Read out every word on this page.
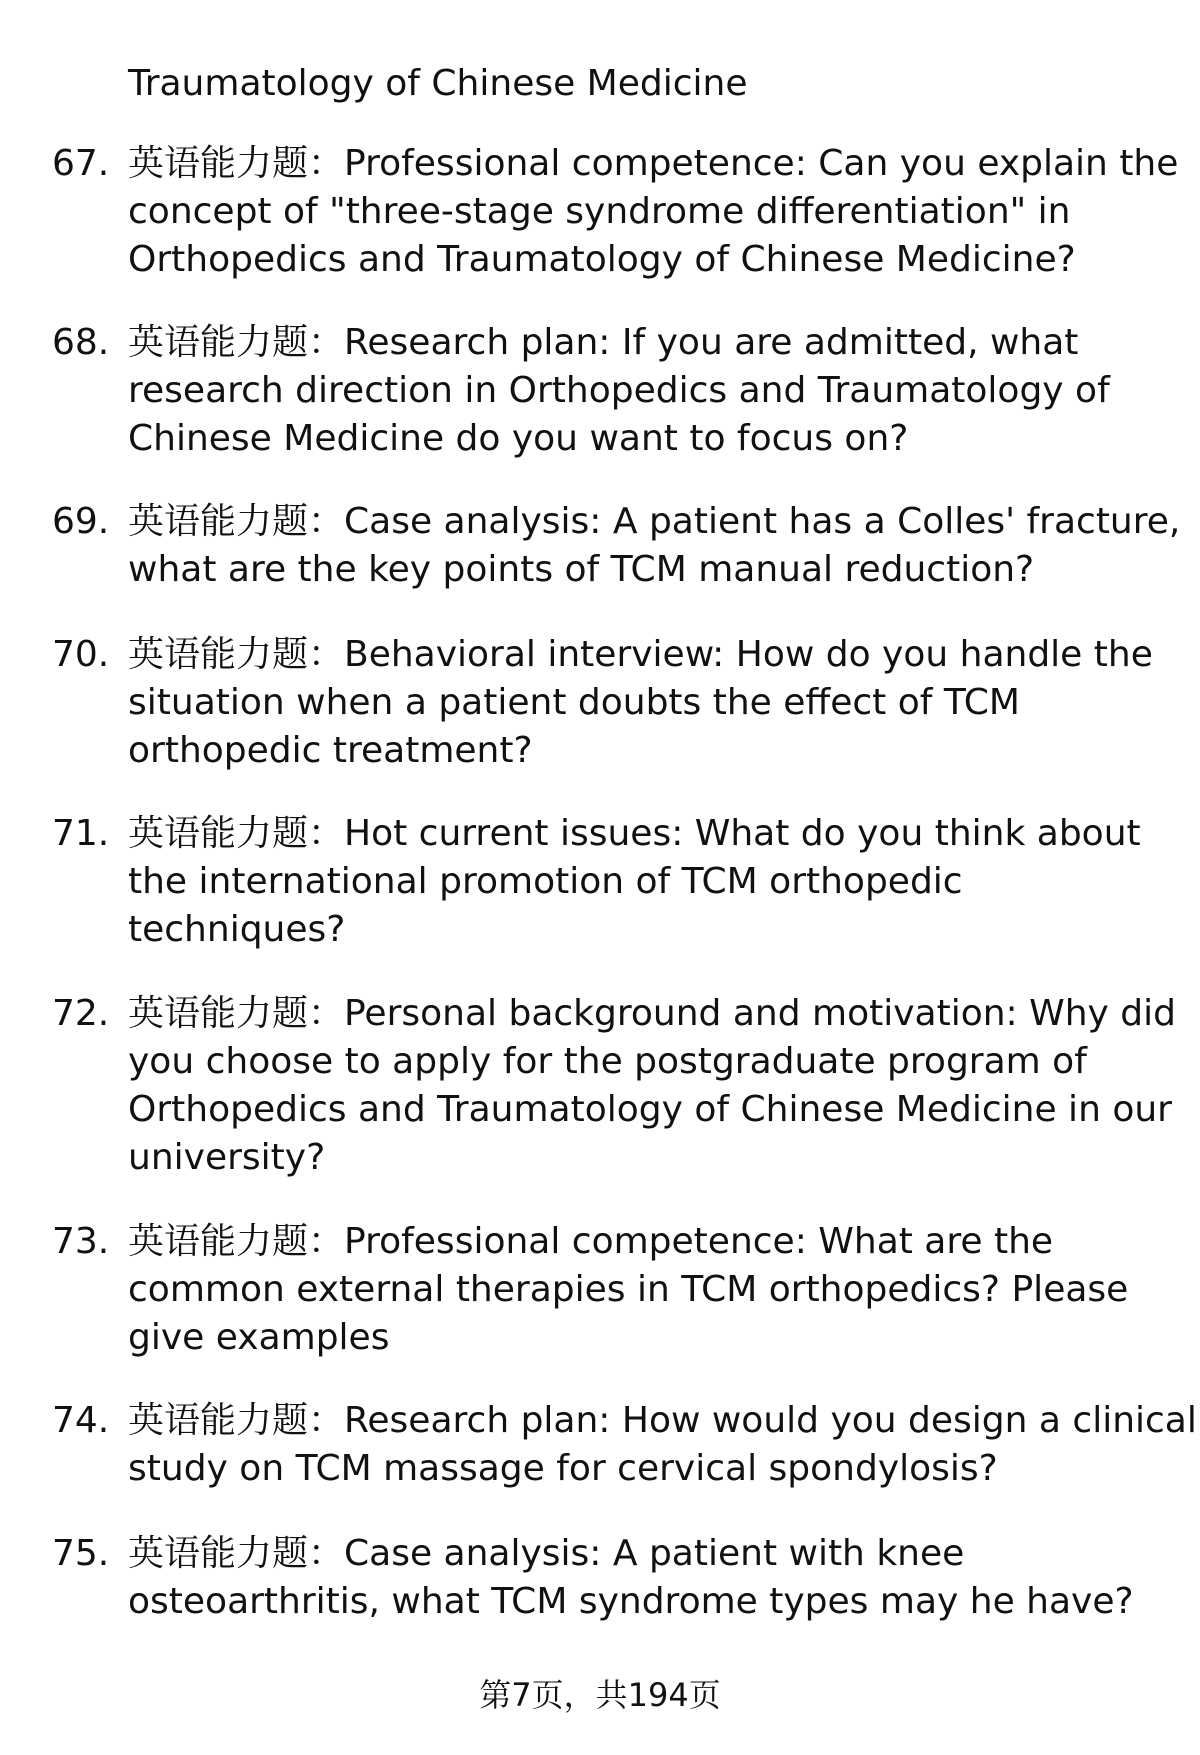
Traumatology of Chinese Medicine
67. 英语能力题：Professional competence: Can you explain the
concept of "three-stage syndrome differentiation" in
Orthopedics and Traumatology of Chinese Medicine?
68. 英语能力题：Research plan: If you are admitted, what
research direction in Orthopedics and Traumatology of
Chinese Medicine do you want to focus on?
69. 英语能力题：Case analysis: A patient has a Colles' fracture,
what are the key points of TCM manual reduction?
70. 英语能力题：Behavioral interview: How do you handle the
situation when a patient doubts the effect of TCM
orthopedic treatment?
71. 英语能力题：Hot current issues: What do you think about
the international promotion of TCM orthopedic
techniques?
72. 英语能力题：Personal background and motivation: Why did
you choose to apply for the postgraduate program of
Orthopedics and Traumatology of Chinese Medicine in our
university?
73. 英语能力题：Professional competence: What are the
common external therapies in TCM orthopedics? Please
give examples
74. 英语能力题：Research plan: How would you design a clinical
study on TCM massage for cervical spondylosis?
75. 英语能力题：Case analysis: A patient with knee
osteoarthritis, what TCM syndrome types may he have?
第7页，共194页
